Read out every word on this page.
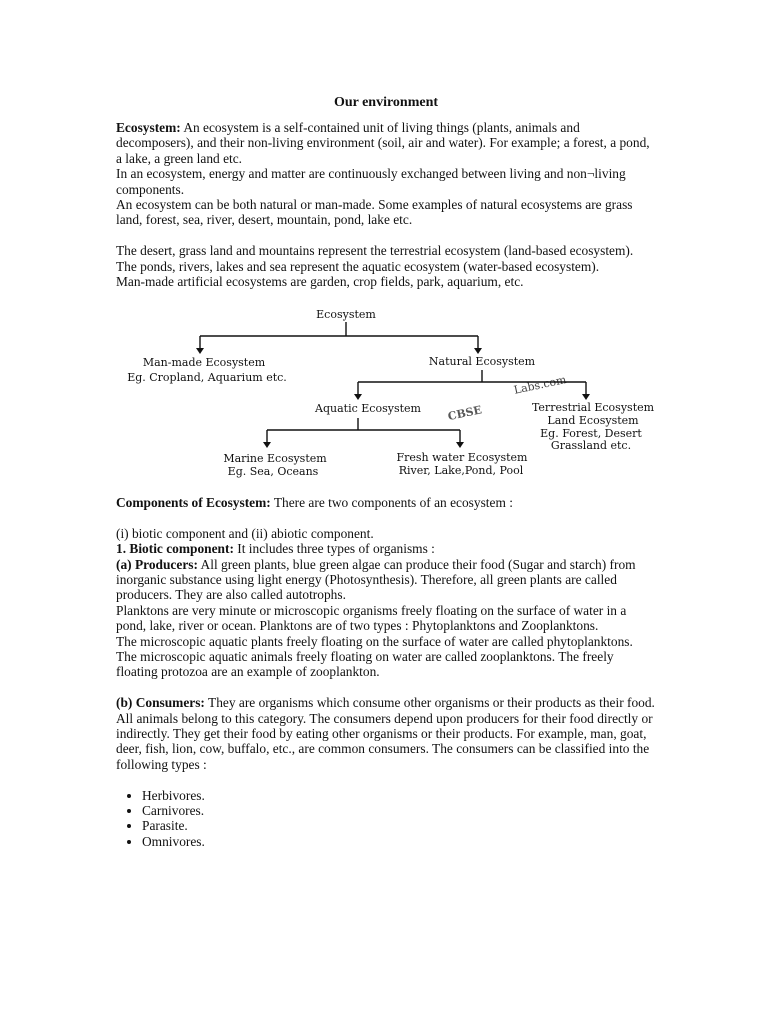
Our environment

Ecosystem: An ecosystem is a self-contained unit of living things (plants, animals and decomposers), and their non-living environment (soil, air and water). For example; a forest, a pond, a lake, a green land etc.

In an ecosystem, energy and matter are continuously exchanged between living and non¬living components.

An ecosystem can be both natural or man-made. Some examples of natural ecosystems are grass land, forest, sea, river, desert, mountain, pond, lake etc.

The desert, grass land and mountains represent the terrestrial ecosystem (land-based ecosystem).

The ponds, rivers, lakes and sea represent the aquatic ecosystem (water-based ecosystem).

Man-made artificial ecosystems are garden, crop fields, park, aquarium, etc.

Ecosystem
Man-made Ecosystem
Eg. Cropland, Aquarium etc.
Natural Ecosystem
Aquatic Ecosystem	Terrestrial Ecosystem
Land Ecosystem
Eg. Forest, Desert
Grassland etc.
CBSE
Labs.com
Marine Ecosystem
Eg. Sea, Oceans
Fresh water Ecosystem
River, Lake,Pond, Pool

Components of Ecosystem: There are two components of an ecosystem :

(i) biotic component and (ii) abiotic component.

1. Biotic component: It includes three types of organisms :

(a) Producers: All green plants, blue green algae can produce their food (Sugar and starch) from inorganic substance using light energy (Photosynthesis). Therefore, all green plants are called producers. They are also called autotrophs.

Planktons are very minute or microscopic organisms freely floating on the surface of water in a pond, lake, river or ocean. Planktons are of two types : Phytoplanktons and Zooplanktons.

The microscopic aquatic plants freely floating on the surface of water are called phytoplanktons.

The microscopic aquatic animals freely floating on water are called zooplanktons. The freely floating protozoa are an example of zooplankton.

(b) Consumers: They are organisms which consume other organisms or their products as their food. All animals belong to this category. The consumers depend upon producers for their food directly or indirectly. They get their food by eating other organisms or their products. For example, man, goat, deer, fish, lion, cow, buffalo, etc., are common consumers. The consumers can be classified into the following types :

• Herbivores.
• Carnivores.
• Parasite.
• Omnivores.
